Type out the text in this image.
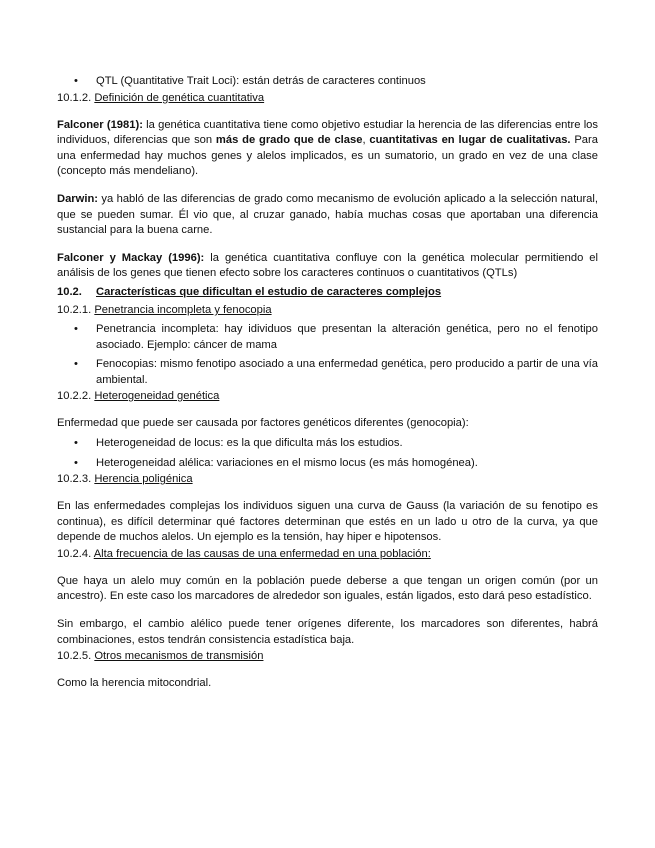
• QTL (Quantitative Trait Loci): están detrás de caracteres continuos

10.1.2. Definición de genética cuantitativa

Falconer (1981): la genética cuantitativa tiene como objetivo estudiar la herencia de las diferencias entre los individuos, diferencias que son más de grado que de clase, cuantitativas en lugar de cualitativas. Para una enfermedad hay muchos genes y alelos implicados, es un sumatorio, un grado en vez de una clase (concepto más mendeliano).

Darwin: ya habló de las diferencias de grado como mecanismo de evolución aplicado a la selección natural, que se pueden sumar. Él vio que, al cruzar ganado, había muchas cosas que aportaban una diferencia sustancial para la buena carne.

Falconer y Mackay (1996): la genética cuantitativa confluye con la genética molecular permitiendo el análisis de los genes que tienen efecto sobre los caracteres continuos o cuantitativos (QTLs)

10.2. Características que dificultan el estudio de caracteres complejos

10.2.1. Penetrancia incompleta y fenocopia

• Penetrancia incompleta: hay idividuos que presentan la alteración genética, pero no el fenotipo asociado. Ejemplo: cáncer de mama
• Fenocopias: mismo fenotipo asociado a una enfermedad genética, pero producido a partir de una vía ambiental.

10.2.2. Heterogeneidad genética

Enfermedad que puede ser causada por factores genéticos diferentes (genocopia):

• Heterogeneidad de locus: es la que dificulta más los estudios.
• Heterogeneidad alélica: variaciones en el mismo locus (es más homogénea).

10.2.3. Herencia poligénica

En las enfermedades complejas los individuos siguen una curva de Gauss (la variación de su fenotipo es continua), es difícil determinar qué factores determinan que estés en un lado u otro de la curva, ya que depende de muchos alelos. Un ejemplo es la tensión, hay hiper e hipotensos.

10.2.4. Alta frecuencia de las causas de una enfermedad en una población:

Que haya un alelo muy común en la población puede deberse a que tengan un origen común (por un ancestro). En este caso los marcadores de alrededor son iguales, están ligados, esto dará peso estadístico.

Sin embargo, el cambio alélico puede tener orígenes diferente, los marcadores son diferentes, habrá combinaciones, estos tendrán consistencia estadística baja.

10.2.5. Otros mecanismos de transmisión

Como la herencia mitocondrial.
